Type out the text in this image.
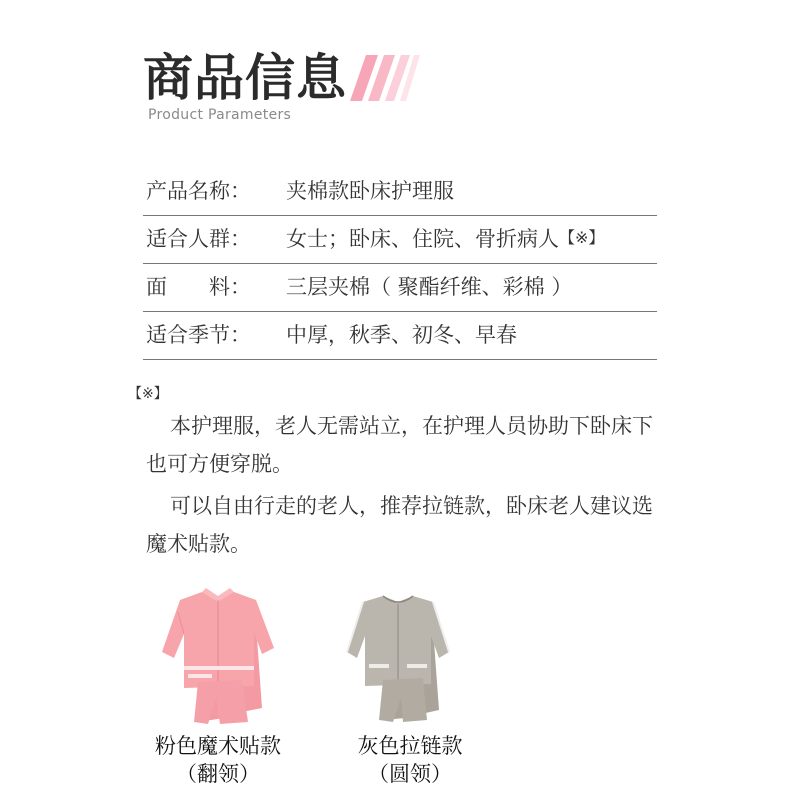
商品信息
Product Parameters
产品名称： 夹棉款卧床护理服
适合人群： 女士；卧床、住院、骨折病人【※】
面　　料： 三层夹棉（ 聚酯纤维、彩棉 ）
适合季节： 中厚，秋季、初冬、早春
【※】
本护理服，老人无需站立，在护理人员协助下卧床下也可方便穿脱。
可以自由行走的老人，推荐拉链款，卧床老人建议选魔术贴款。
粉色魔术贴款
（翻领）
灰色拉链款
（圆领）
